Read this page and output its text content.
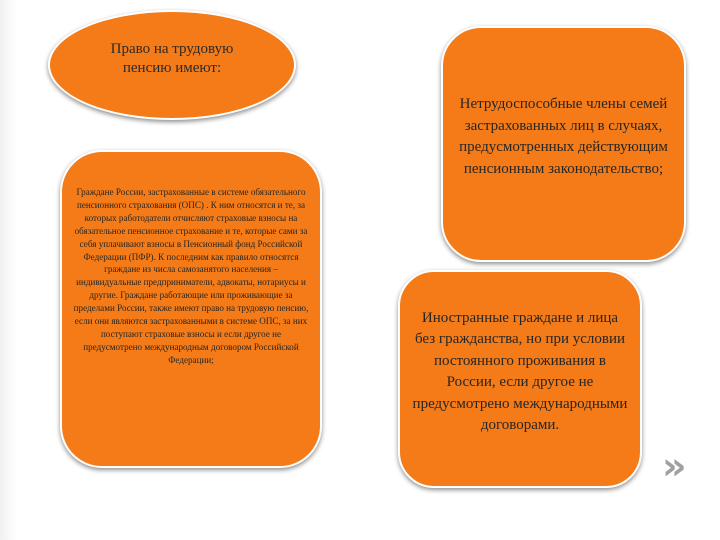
Право на трудовую пенсию имеют:
Граждане России, застрахованные в системе обязательного пенсионного страхования (ОПС) . К ним относятся и те, за которых работодатели отчисляют страховые взносы на обязательное пенсионное страхование и те, которые сами за себя уплачивают взносы в Пенсионный фонд Российской Федерации (ПФР). К последним как правило относятся граждане из числа самозанятого населения – индивидуальные предприниматели, адвокаты, нотариусы и другие. Граждане работающие или проживающие за пределами России, также имеют право на трудовую пенсию, если они являются застрахованными в системе ОПС, за них поступают страховые взносы и если другое не предусмотрено международным договором Российской Федерации;
Нетрудоспособные члены семей застрахованных лиц в случаях, предусмотренных действующим пенсионным законодательство;
Иностранные граждане и лица без гражданства, но при условии постоянного проживания в России, если другое не предусмотрено международными договорами.
»
